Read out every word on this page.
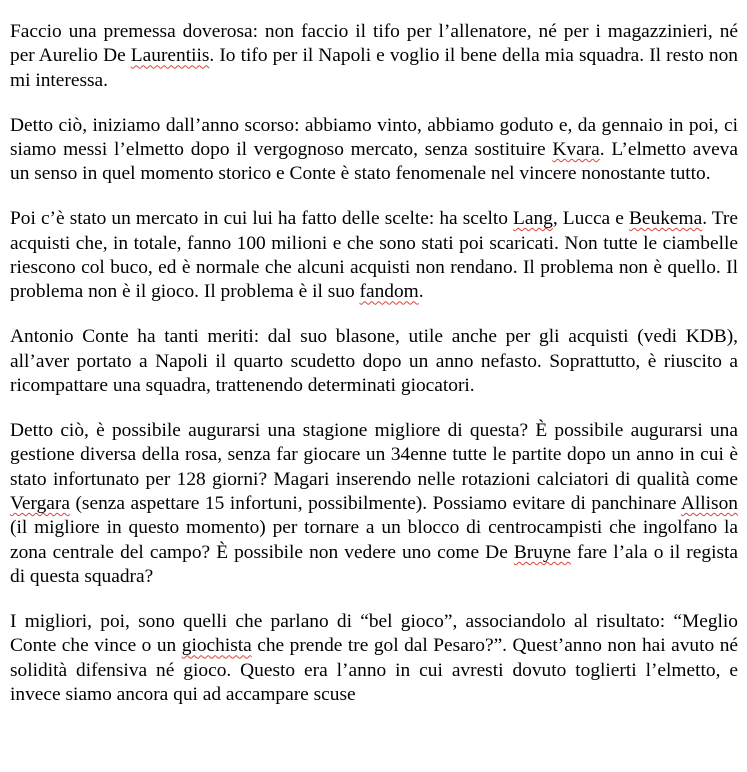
Faccio una premessa doverosa: non faccio il tifo per l’allenatore, né per i magazzinieri, né per Aurelio De Laurentiis. Io tifo per il Napoli e voglio il bene della mia squadra. Il resto non mi interessa.

Detto ciò, iniziamo dall’anno scorso: abbiamo vinto, abbiamo goduto e, da gennaio in poi, ci siamo messi l’elmetto dopo il vergognoso mercato, senza sostituire Kvara. L’elmetto aveva un senso in quel momento storico e Conte è stato fenomenale nel vincere nonostante tutto.

Poi c’è stato un mercato in cui lui ha fatto delle scelte: ha scelto Lang, Lucca e Beukema. Tre acquisti che, in totale, fanno 100 milioni e che sono stati poi scaricati. Non tutte le ciambelle riescono col buco, ed è normale che alcuni acquisti non rendano. Il problema non è quello. Il problema non è il gioco. Il problema è il suo fandom.

Antonio Conte ha tanti meriti: dal suo blasone, utile anche per gli acquisti (vedi KDB), all’aver portato a Napoli il quarto scudetto dopo un anno nefasto. Soprattutto, è riuscito a ricompattare una squadra, trattenendo determinati giocatori.

Detto ciò, è possibile augurarsi una stagione migliore di questa? È possibile augurarsi una gestione diversa della rosa, senza far giocare un 34enne tutte le partite dopo un anno in cui è stato infortunato per 128 giorni? Magari inserendo nelle rotazioni calciatori di qualità come Vergara (senza aspettare 15 infortuni, possibilmente). Possiamo evitare di panchinare Allison (il migliore in questo momento) per tornare a un blocco di centrocampisti che ingolfano la zona centrale del campo? È possibile non vedere uno come De Bruyne fare l’ala o il regista di questa squadra?

I migliori, poi, sono quelli che parlano di “bel gioco”, associandolo al risultato: “Meglio Conte che vince o un giochista che prende tre gol dal Pesaro?”. Quest’anno non hai avuto né solidità difensiva né gioco. Questo era l’anno in cui avresti dovuto toglierti l’elmetto, e invece siamo ancora qui ad accampare scuse
